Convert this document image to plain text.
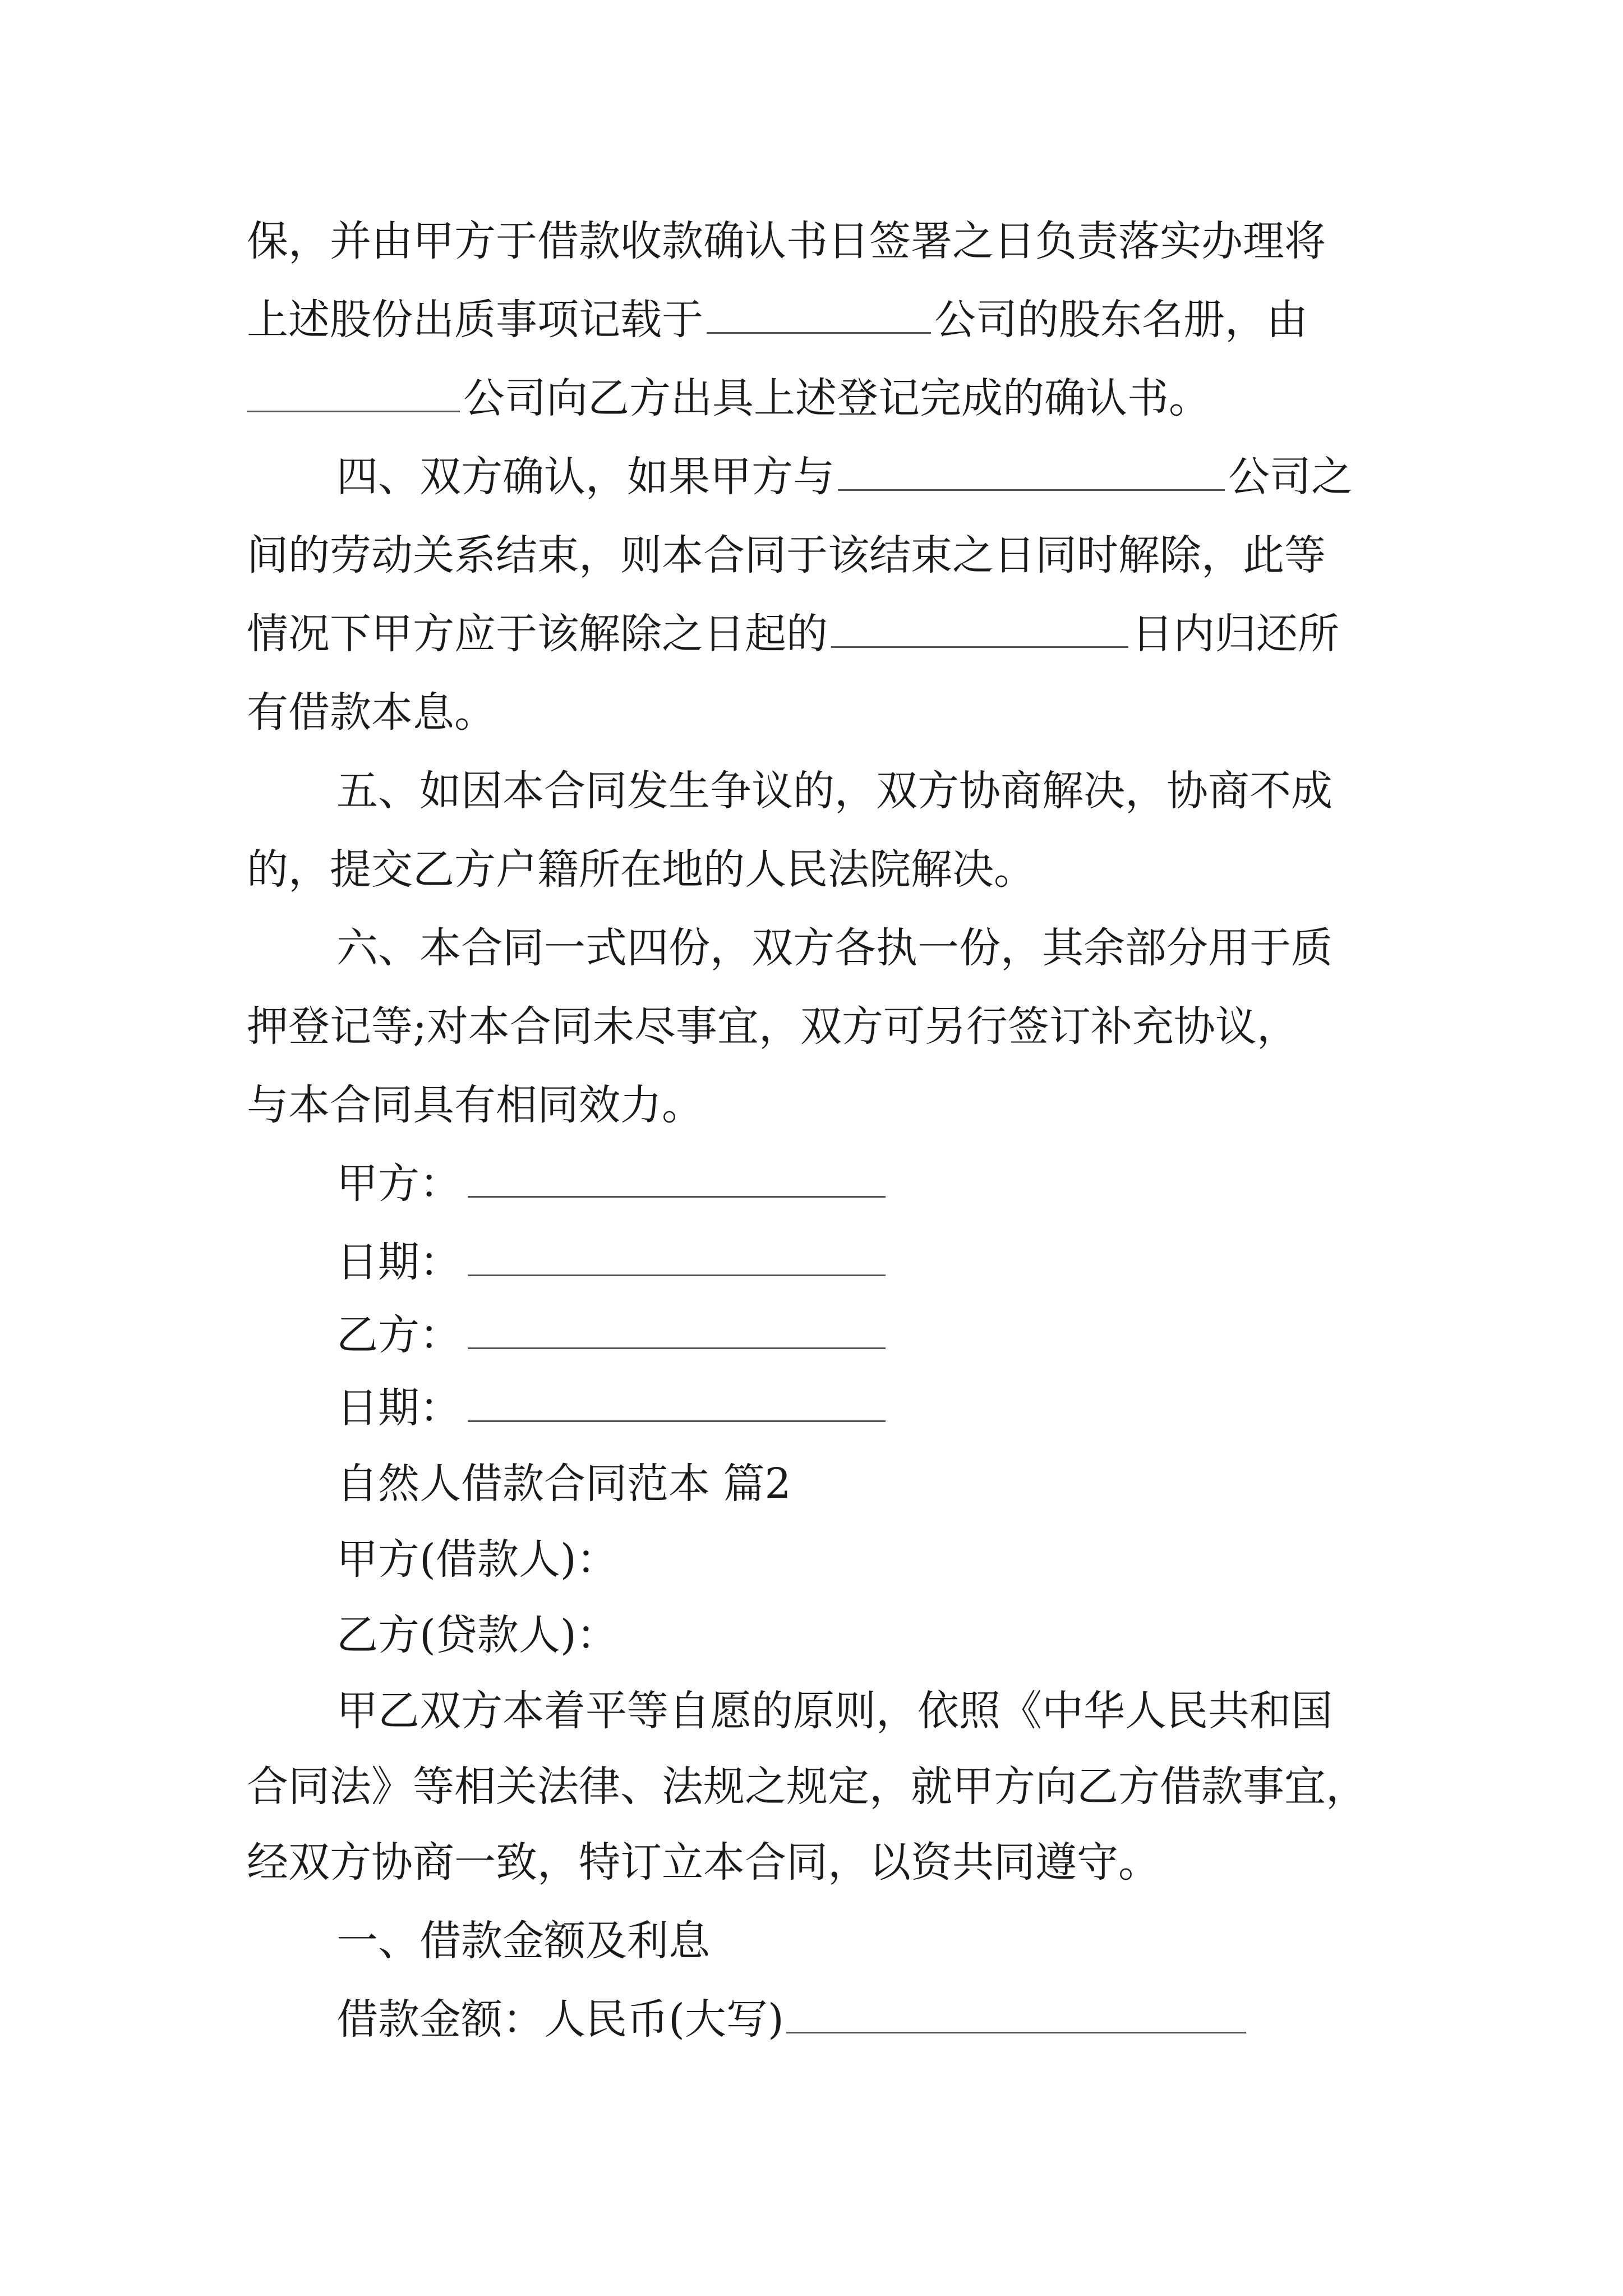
保，并由甲方于借款收款确认书日签署之日负责落实办理将
上述股份出质事项记载于	公司的股东名册，由
公司向乙方出具上述登记完成的确认书。
四、双方确认，如果甲方与	公司之
间的劳动关系结束，则本合同于该结束之日同时解除，此等
情况下甲方应于该解除之日起的	日内归还所
有借款本息。
五、如因本合同发生争议的，双方协商解决，协商不成
的，提交乙方户籍所在地的人民法院解决。
六、本合同一式四份，双方各执一份，其余部分用于质
押登记等;对本合同未尽事宜，双方可另行签订补充协议，
与本合同具有相同效力。
甲方：
日期：
乙方：
日期：
自然人借款合同范本 篇2
甲方(借款人)：
乙方(贷款人)：
甲乙双方本着平等自愿的原则，依照《中华人民共和国
合同法》等相关法律、法规之规定，就甲方向乙方借款事宜，
经双方协商一致，特订立本合同，以资共同遵守。
一、借款金额及利息
借款金额：人民币(大写)
